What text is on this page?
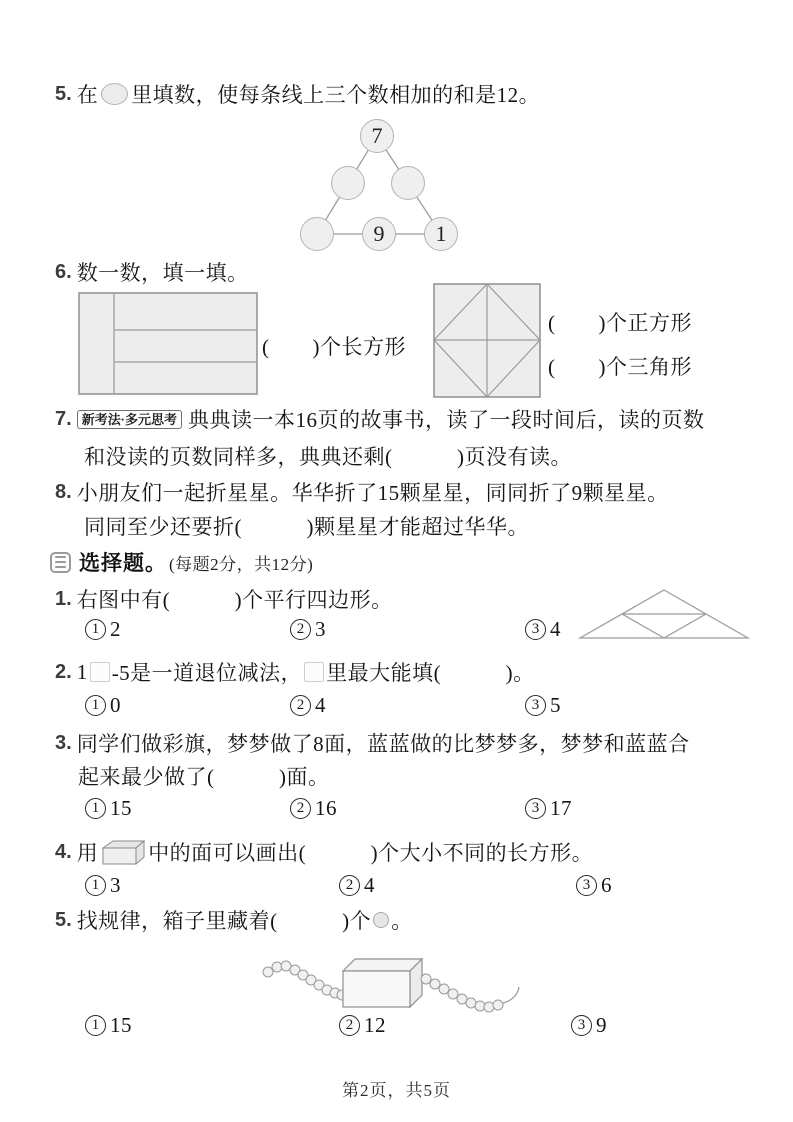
5. 在 里填数，使每条线上三个数相加的和是12。
7
9	1
6. 数一数，填一填。
(　　)个长方形
(　　)个正方形
(　　)个三角形
7. 新考法·多元思考 典典读一本16页的故事书，读了一段时间后，读的页数
和没读的页数同样多，典典还剩(　　　)页没有读。
8. 小朋友们一起折星星。华华折了15颗星星，同同折了9颗星星。
同同至少还要折(　　　)颗星星才能超过华华。
选择题。 (每题2分，共12分)
1. 右图中有(　　　)个平行四边形。
1 2	2 3	3 4
2. 1 -5是一道退位减法， 里最大能填(　　　)。
1 0	2 4	3 5
3. 同学们做彩旗，梦梦做了8面，蓝蓝做的比梦梦多，梦梦和蓝蓝合
起来最少做了(　　　)面。
1 15	2 16	3 17
4. 用 中的面可以画出(　　　)个大小不同的长方形。
1 3	2 4	3 6
5. 找规律，箱子里藏着(　　　)个 。
1 15	2 12	3 9
第2页，共5页
